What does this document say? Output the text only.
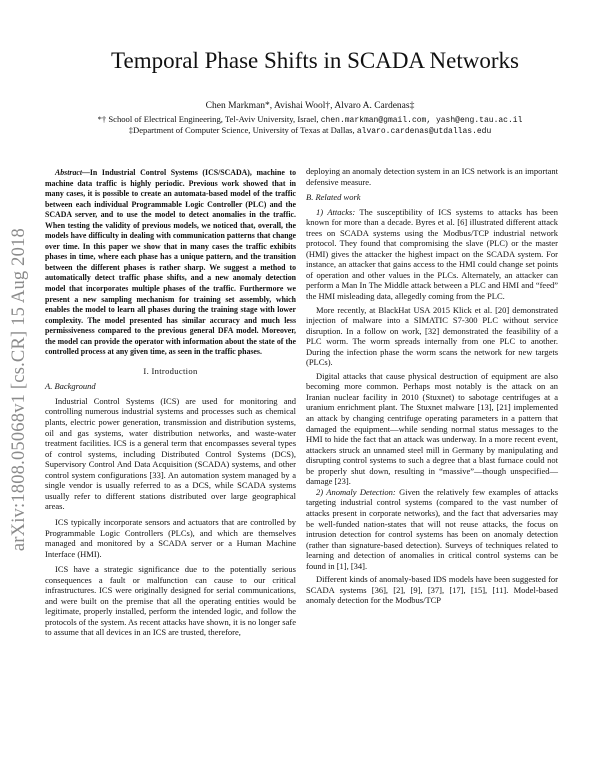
arXiv:1808.05068v1 [cs.CR] 15 Aug 2018
Temporal Phase Shifts in SCADA Networks
Chen Markman*, Avishai Wool†, Alvaro A. Cardenas‡
*† School of Electrical Engineering, Tel-Aviv University, Israel, chen.markman@gmail.com, yash@eng.tau.ac.il
‡Department of Computer Science, University of Texas at Dallas, alvaro.cardenas@utdallas.edu

Abstract—In Industrial Control Systems (ICS/SCADA), machine to machine data traffic is highly periodic. Previous work showed that in many cases, it is possible to create an automata-based model of the traffic between each individual Programmable Logic Controller (PLC) and the SCADA server, and to use the model to detect anomalies in the traffic. When testing the validity of previous models, we noticed that, overall, the models have difficulty in dealing with communication patterns that change over time. In this paper we show that in many cases the traffic exhibits phases in time, where each phase has a unique pattern, and the transition between the different phases is rather sharp. We suggest a method to automatically detect traffic phase shifts, and a new anomaly detection model that incorporates multiple phases of the traffic. Furthermore we present a new sampling mechanism for training set assembly, which enables the model to learn all phases during the training stage with lower complexity. The model presented has similar accuracy and much less permissiveness compared to the previous general DFA model. Moreover, the model can provide the operator with information about the state of the controlled process at any given time, as seen in the traffic phases.

I. Introduction
A. Background

Industrial Control Systems (ICS) are used for monitoring and controlling numerous industrial systems and processes such as chemical plants, electric power generation, transmission and distribution systems, oil and gas systems, water distribution networks, and waste-water treatment facilities. ICS is a general term that encompasses several types of control systems, including Distributed Control Systems (DCS), Supervisory Control And Data Acquisition (SCADA) systems, and other control system configurations [33]. An automation system managed by a single vendor is usually referred to as a DCS, while SCADA systems usually refer to different stations distributed over large geographical areas.

ICS typically incorporate sensors and actuators that are controlled by Programmable Logic Controllers (PLCs), and which are themselves managed and monitored by a SCADA server or a Human Machine Interface (HMI).

ICS have a strategic significance due to the potentially serious consequences a fault or malfunction can cause to our critical infrastructures. ICS were originally designed for serial communications, and were built on the premise that all the operating entities would be legitimate, properly installed, perform the intended logic, and follow the protocols of the system. As recent attacks have shown, it is no longer safe to assume that all devices in an ICS are trusted, therefore,

deploying an anomaly detection system in an ICS network is an important defensive measure.

B. Related work

1) Attacks: The susceptibility of ICS systems to attacks has been known for more than a decade. Byres et al. [6] illustrated different attack trees on SCADA systems using the Modbus/TCP industrial network protocol. They found that compromising the slave (PLC) or the master (HMI) gives the attacker the highest impact on the SCADA system. For instance, an attacker that gains access to the HMI could change set points of operation and other values in the PLCs. Alternately, an attacker can perform a Man In The Middle attack between a PLC and HMI and “feed” the HMI misleading data, allegedly coming from the PLC.

More recently, at BlackHat USA 2015 Klick et al. [20] demonstrated injection of malware into a SIMATIC S7-300 PLC without service disruption. In a follow on work, [32] demonstrated the feasibility of a PLC worm. The worm spreads internally from one PLC to another. During the infection phase the worm scans the network for new targets (PLCs).

Digital attacks that cause physical destruction of equipment are also becoming more common. Perhaps most notably is the attack on an Iranian nuclear facility in 2010 (Stuxnet) to sabotage centrifuges at a uranium enrichment plant. The Stuxnet malware [13], [21] implemented an attack by changing centrifuge operating parameters in a pattern that damaged the equipment—while sending normal status messages to the HMI to hide the fact that an attack was underway. In a more recent event, attackers struck an unnamed steel mill in Germany by manipulating and disrupting control systems to such a degree that a blast furnace could not be properly shut down, resulting in “massive”—though unspecified—damage [23].

2) Anomaly Detection: Given the relatively few examples of attacks targeting industrial control systems (compared to the vast number of attacks present in corporate networks), and the fact that adversaries may be well-funded nation-states that will not reuse attacks, the focus on intrusion detection for control systems has been on anomaly detection (rather than signature-based detection). Surveys of techniques related to learning and detection of anomalies in critical control systems can be found in [1], [34].

Different kinds of anomaly-based IDS models have been suggested for SCADA systems [36], [2], [9], [37], [17], [15], [11]. Model-based anomaly detection for the Modbus/TCP
